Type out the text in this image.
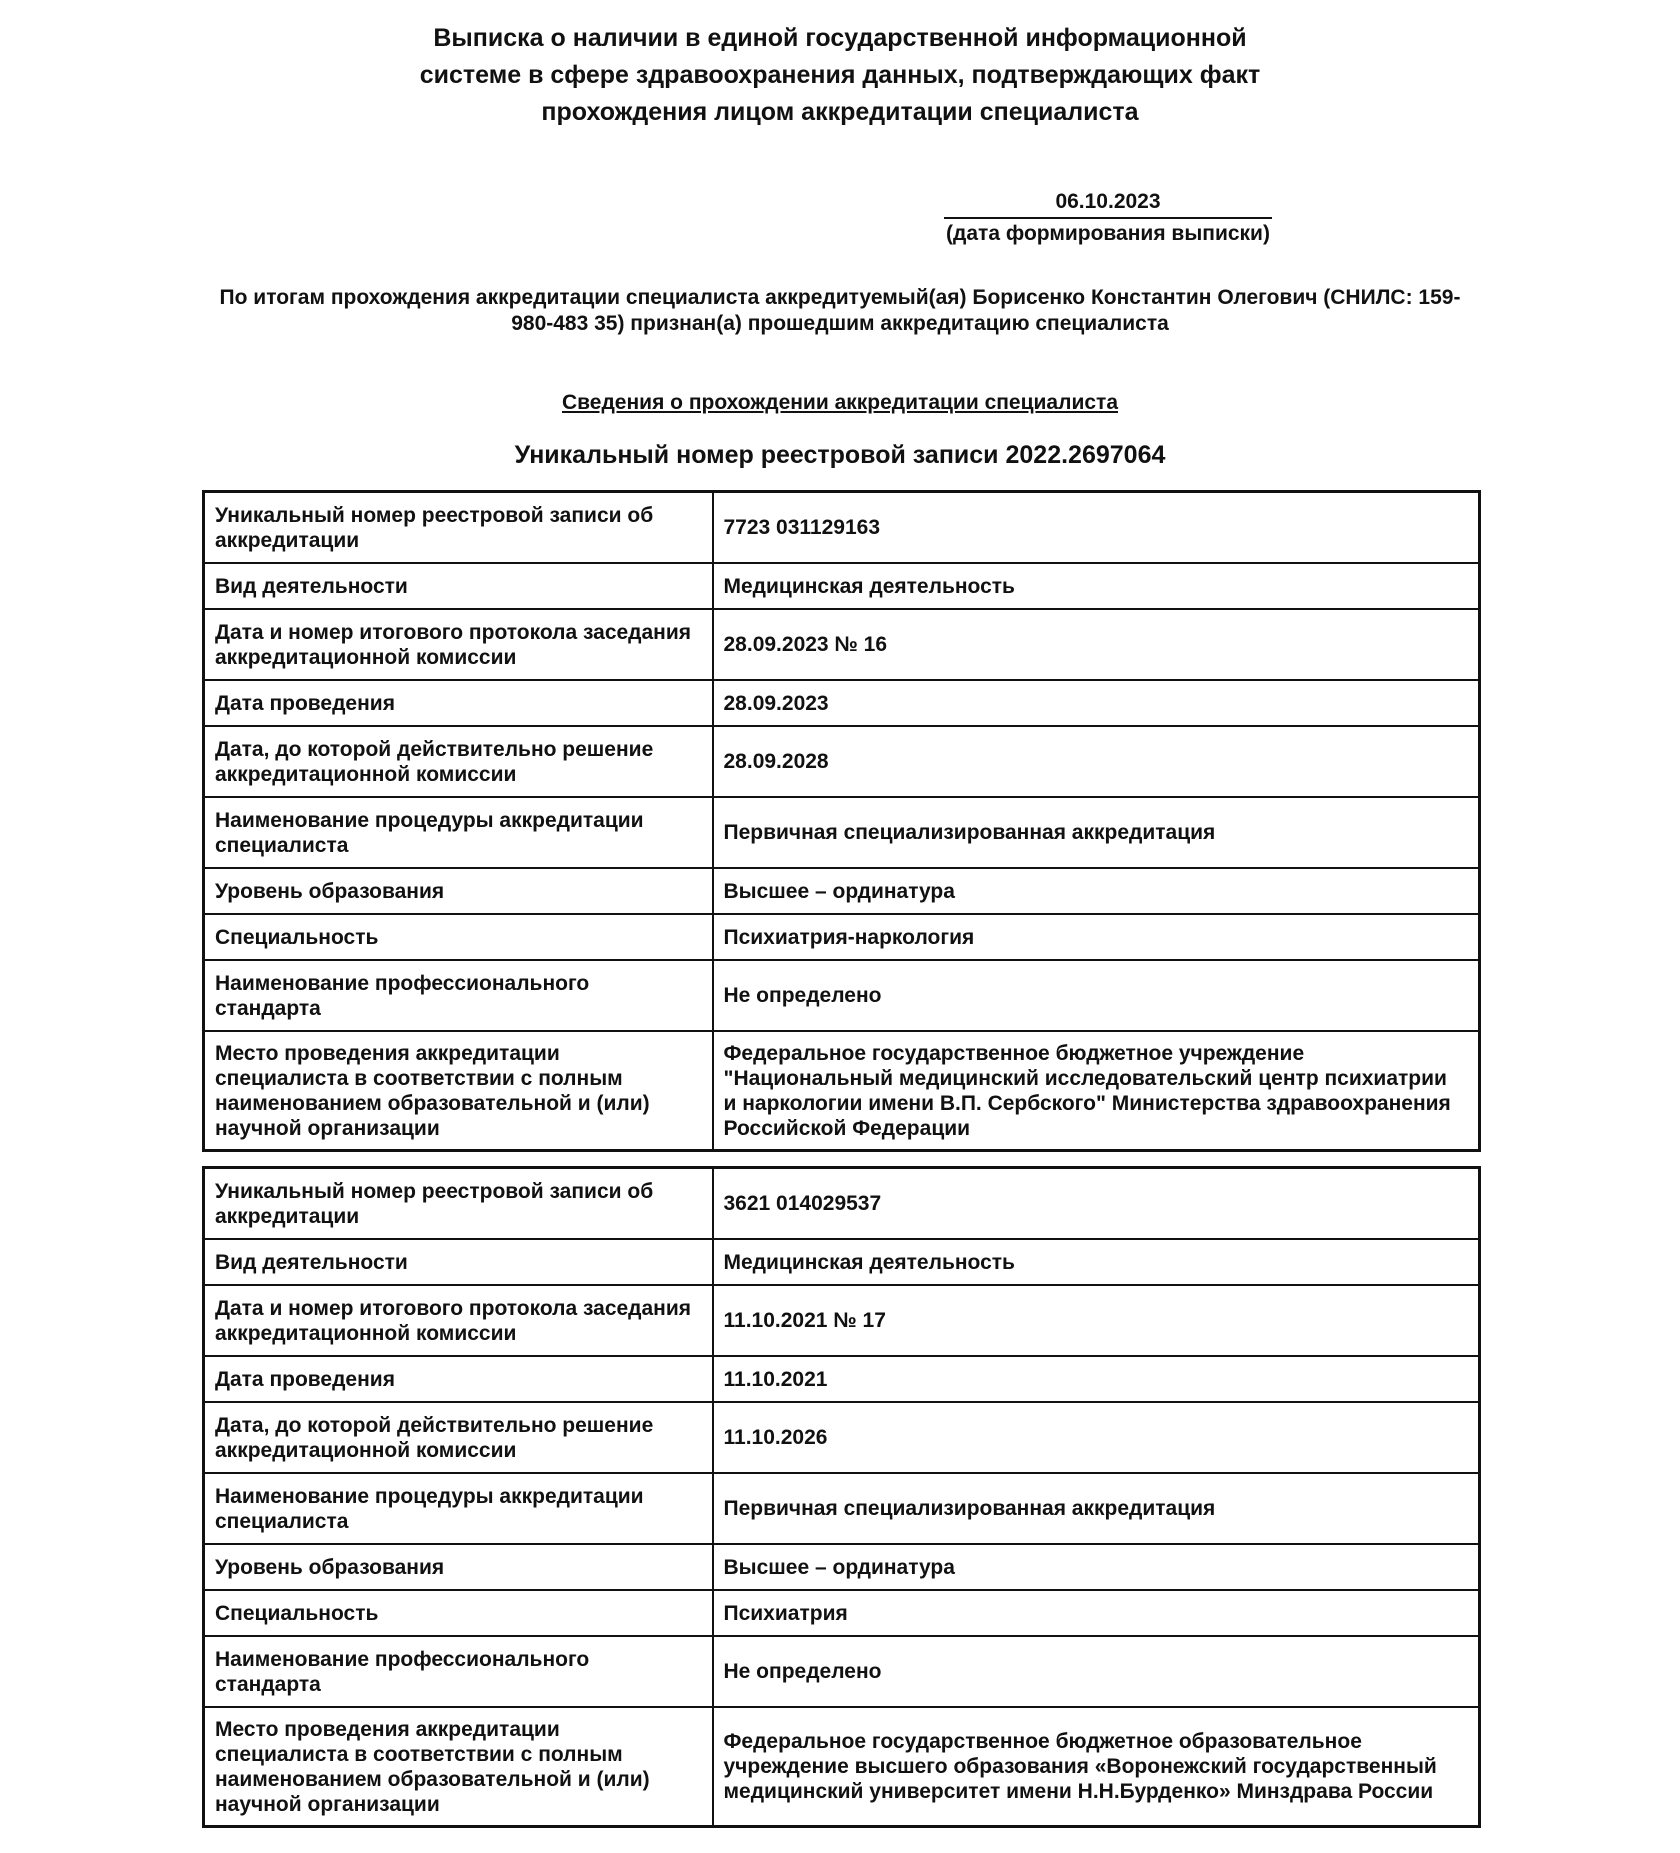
Выписка о наличии в единой государственной информационной
системе в сфере здравоохранения данных, подтверждающих факт
прохождения лицом аккредитации специалиста
06.10.2023
(дата формирования выписки)

По итогам прохождения аккредитации специалиста аккредитуемый(ая) Борисенко Константин Олегович (СНИЛС: 159-
980-483 35) признан(а) прошедшим аккредитацию специалиста

Сведения о прохождении аккредитации специалиста
Уникальный номер реестровой записи 2022.2697064
Уникальный номер реестровой записи об
аккредитации	7723 031129163
Вид деятельности	Медицинская деятельность
Дата и номер итогового протокола заседания
аккредитационной комиссии	28.09.2023 № 16
Дата проведения	28.09.2023
Дата, до которой действительно решение
аккредитационной комиссии	28.09.2028
Наименование процедуры аккредитации
специалиста	Первичная специализированная аккредитация
Уровень образования	Высшее – ординатура
Специальность	Психиатрия-наркология
Наименование профессионального
стандарта	Не определено
Место проведения аккредитации
специалиста в соответствии с полным
наименованием образовательной и (или)
научной организации	Федеральное государственное бюджетное учреждение
"Национальный медицинский исследовательский центр психиатрии
и наркологии имени В.П. Сербского" Министерства здравоохранения
Российской Федерации
Уникальный номер реестровой записи об
аккредитации	3621 014029537
Вид деятельности	Медицинская деятельность
Дата и номер итогового протокола заседания
аккредитационной комиссии	11.10.2021 № 17
Дата проведения	11.10.2021
Дата, до которой действительно решение
аккредитационной комиссии	11.10.2026
Наименование процедуры аккредитации
специалиста	Первичная специализированная аккредитация
Уровень образования	Высшее – ординатура
Специальность	Психиатрия
Наименование профессионального
стандарта	Не определено
Место проведения аккредитации
специалиста в соответствии с полным
наименованием образовательной и (или)
научной организации	Федеральное государственное бюджетное образовательное
учреждение высшего образования «Воронежский государственный
медицинский университет имени Н.Н.Бурденко» Минздрава России
